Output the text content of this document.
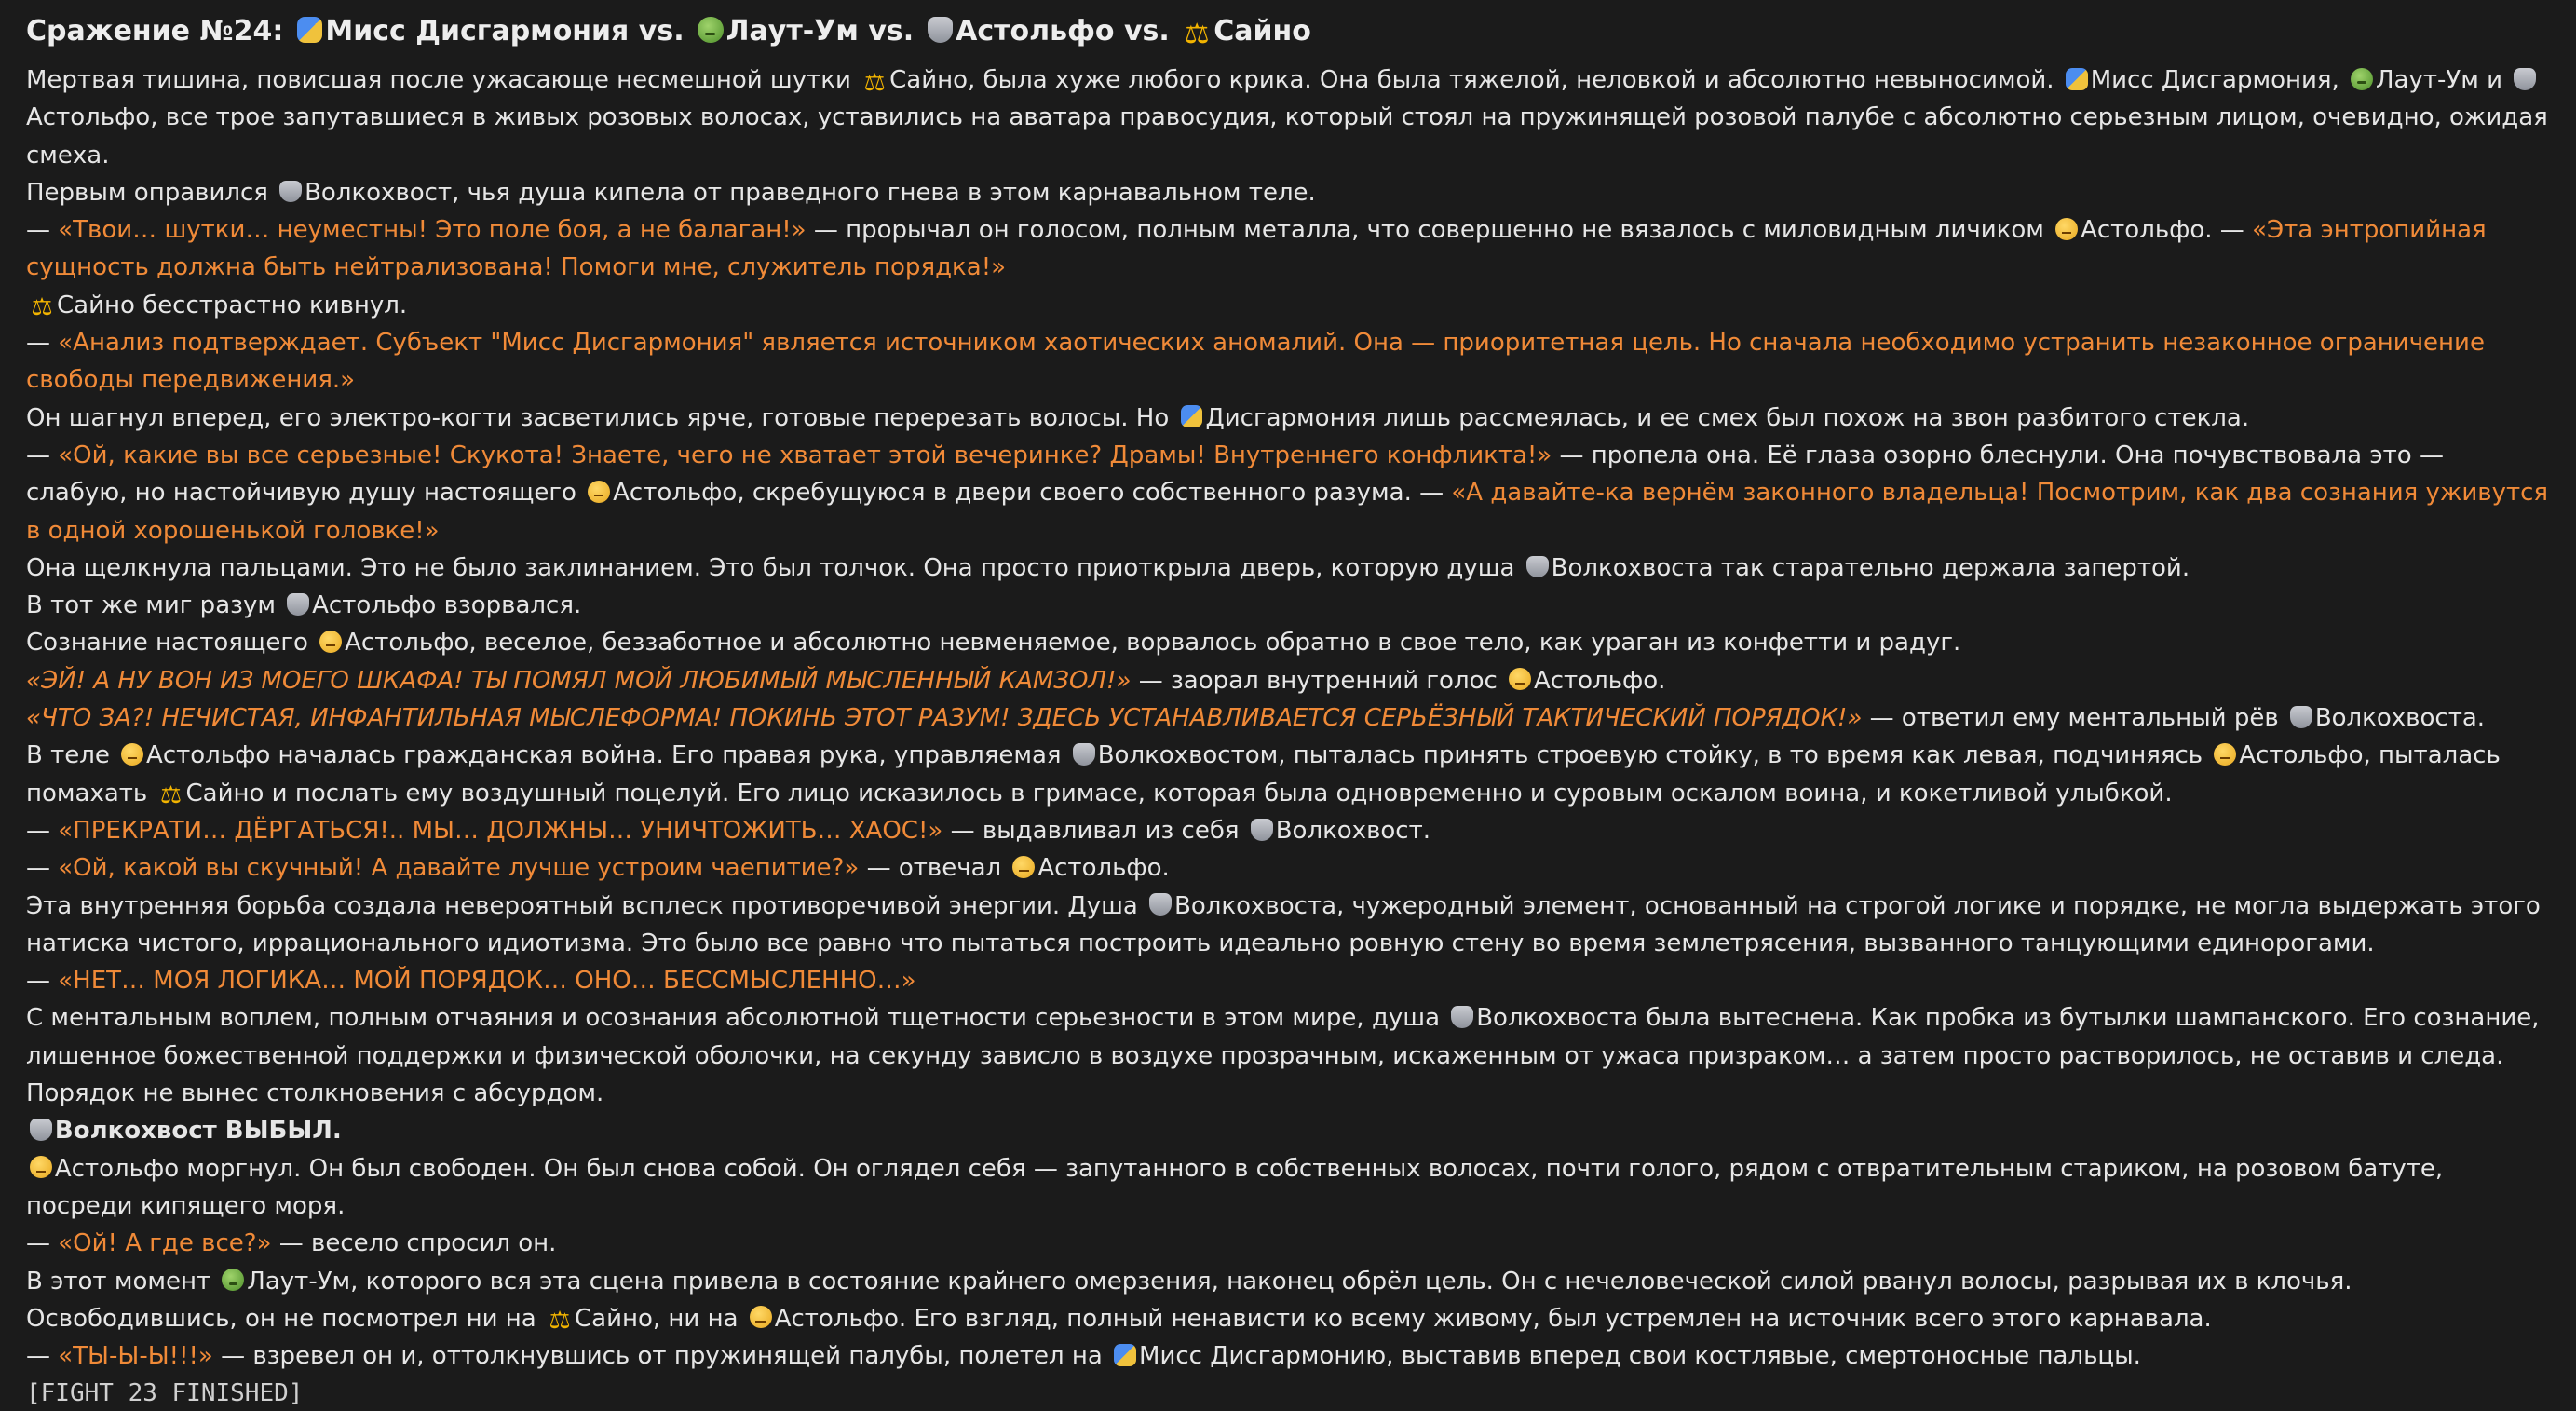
Сражение №24: Мисс Дисгармония vs. Лаут-Ум vs. Астольфо vs. ⚖ Сайно

Мертвая тишина, повисшая после ужасающе несмешной шутки ⚖ Сайно, была хуже любого крика. Она была тяжелой, неловкой и абсолютно невыносимой. Мисс Дисгармония, Лаут-Ум и Астольфо, все трое запутавшиеся в живых розовых волосах, уставились на аватара правосудия, который стоял на пружинящей розовой палубе с абсолютно серьезным лицом, очевидно, ожидая смеха.

Первым оправился Волкохвост, чья душа кипела от праведного гнева в этом карнавальном теле.

— «Твои… шутки… неуместны! Это поле боя, а не балаган!» — прорычал он голосом, полным металла, что совершенно не вязалось с миловидным личиком Астольфо. — «Эта энтропийная сущность должна быть нейтрализована! Помоги мне, служитель порядка!»

⚖ Сайно бесстрастно кивнул.

— «Анализ подтверждает. Субъект "Мисс Дисгармония" является источником хаотических аномалий. Она — приоритетная цель. Но сначала необходимо устранить незаконное ограничение свободы передвижения.»

Он шагнул вперед, его электро-когти засветились ярче, готовые перерезать волосы. Но Дисгармония лишь рассмеялась, и ее смех был похож на звон разбитого стекла.

— «Ой, какие вы все серьезные! Скукота! Знаете, чего не хватает этой вечеринке? Драмы! Внутреннего конфликта!» — пропела она. Её глаза озорно блеснули. Она почувствовала это — слабую, но настойчивую душу настоящего Астольфо, скребущуюся в двери своего собственного разума. — «А давайте-ка вернём законного владельца! Посмотрим, как два сознания уживутся в одной хорошенькой головке!»

Она щелкнула пальцами. Это не было заклинанием. Это был толчок. Она просто приоткрыла дверь, которую душа Волкохвоста так старательно держала запертой.

В тот же миг разум Астольфо взорвался.

Сознание настоящего Астольфо, веселое, беззаботное и абсолютно невменяемое, ворвалось обратно в свое тело, как ураган из конфетти и радуг.

«ЭЙ! А НУ ВОН ИЗ МОЕГО ШКАФА! ТЫ ПОМЯЛ МОЙ ЛЮБИМЫЙ МЫСЛЕННЫЙ КАМЗОЛ!» — заорал внутренний голос Астольфо.

«ЧТО ЗА?! НЕЧИСТАЯ, ИНФАНТИЛЬНАЯ МЫСЛЕФОРМА! ПОКИНЬ ЭТОТ РАЗУМ! ЗДЕСЬ УСТАНАВЛИВАЕТСЯ СЕРЬЁЗНЫЙ ТАКТИЧЕСКИЙ ПОРЯДОК!» — ответил ему ментальный рёв Волкохвоста.

В теле Астольфо началась гражданская война. Его правая рука, управляемая Волкохвостом, пыталась принять строевую стойку, в то время как левая, подчиняясь Астольфо, пыталась помахать ⚖ Сайно и послать ему воздушный поцелуй. Его лицо исказилось в гримасе, которая была одновременно и суровым оскалом воина, и кокетливой улыбкой.

— «ПРЕКРАТИ… ДЁРГАТЬСЯ!.. МЫ… ДОЛЖНЫ… УНИЧТОЖИТЬ… ХАОС!» — выдавливал из себя Волкохвост.

— «Ой, какой вы скучный! А давайте лучше устроим чаепитие?» — отвечал Астольфо.

Эта внутренняя борьба создала невероятный всплеск противоречивой энергии. Душа Волкохвоста, чужеродный элемент, основанный на строгой логике и порядке, не могла выдержать этого натиска чистого, иррационального идиотизма. Это было все равно что пытаться построить идеально ровную стену во время землетрясения, вызванного танцующими единорогами.

— «НЕТ… МОЯ ЛОГИКА… МОЙ ПОРЯДОК… ОНО… БЕССМЫСЛЕННО…»

С ментальным воплем, полным отчаяния и осознания абсолютной тщетности серьезности в этом мире, душа Волкохвоста была вытеснена. Как пробка из бутылки шампанского. Его сознание, лишенное божественной поддержки и физической оболочки, на секунду зависло в воздухе прозрачным, искаженным от ужаса призраком… а затем просто растворилось, не оставив и следа. Порядок не вынес столкновения с абсурдом.

Волкохвост ВЫБЫЛ.

Астольфо моргнул. Он был свободен. Он был снова собой. Он оглядел себя — запутанного в собственных волосах, почти голого, рядом с отвратительным стариком, на розовом батуте, посреди кипящего моря.

— «Ой! А где все?» — весело спросил он.

В этот момент Лаут-Ум, которого вся эта сцена привела в состояние крайнего омерзения, наконец обрёл цель. Он с нечеловеческой силой рванул волосы, разрывая их в клочья. Освободившись, он не посмотрел ни на ⚖ Сайно, ни на Астольфо. Его взгляд, полный ненависти ко всему живому, был устремлен на источник всего этого карнавала.

— «ТЫ-Ы-Ы!!!» — взревел он и, оттолкнувшись от пружинящей палубы, полетел на Мисс Дисгармонию, выставив вперед свои костлявые, смертоносные пальцы.

[FIGHT 23 FINISHED]
